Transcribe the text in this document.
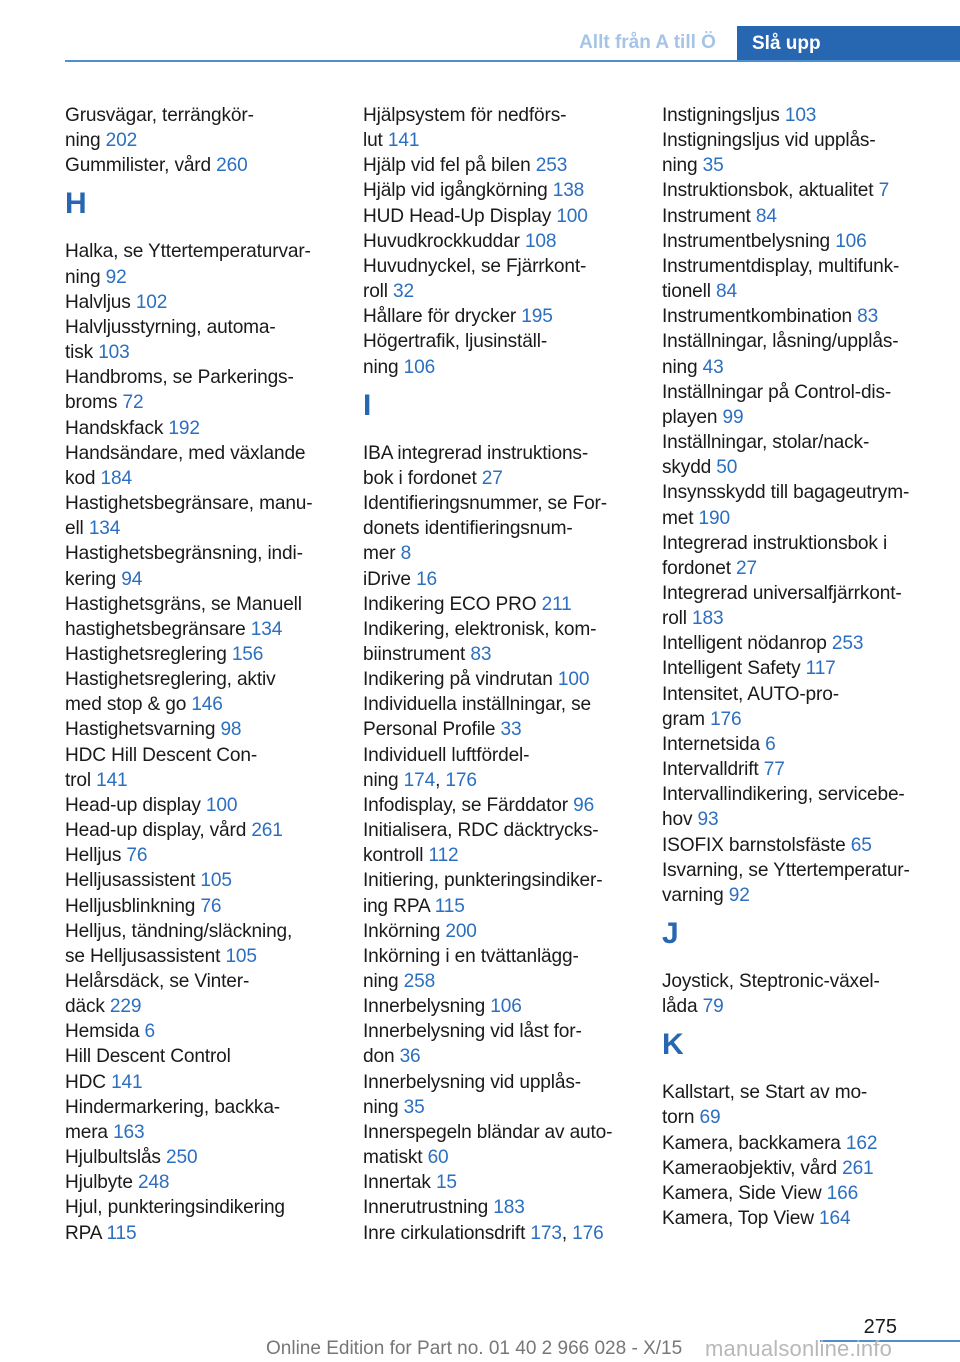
Allt från A till Ö	Slå upp
Grusvägar, terrängkör-
ning 202
Gummilister, vård 260
H
Halka, se Yttertemperaturvar-
ning 92
Halvljus 102
Halvljusstyrning, automa-
tisk 103
Handbroms, se Parkerings-
broms 72
Handskfack 192
Handsändare, med växlande
kod 184
Hastighetsbegränsare, manu-
ell 134
Hastighetsbegränsning, indi-
kering 94
Hastighetsgräns, se Manuell
hastighetsbegränsare 134
Hastighetsreglering 156
Hastighetsreglering, aktiv
med stop & go 146
Hastighetsvarning 98
HDC Hill Descent Con-
trol 141
Head-up display 100
Head-up display, vård 261
Helljus 76
Helljusassistent 105
Helljusblinkning 76
Helljus, tändning/släckning,
se Helljusassistent 105
Helårsdäck, se Vinter-
däck 229
Hemsida 6
Hill Descent Control
HDC 141
Hindermarkering, backka-
mera 163
Hjulbultslås 250
Hjulbyte 248
Hjul, punkteringsindikering
RPA 115
Hjälpsystem för nedförs-
lut 141
Hjälp vid fel på bilen 253
Hjälp vid igångkörning 138
HUD Head-Up Display 100
Huvudkrockkuddar 108
Huvudnyckel, se Fjärrkont-
roll 32
Hållare för drycker 195
Högertrafik, ljusinställ-
ning 106
I
IBA integrerad instruktions-
bok i fordonet 27
Identifieringsnummer, se For-
donets identifieringsnum-
mer 8
iDrive 16
Indikering ECO PRO 211
Indikering, elektronisk, kom-
biinstrument 83
Indikering på vindrutan 100
Individuella inställningar, se
Personal Profile 33
Individuell luftfördel-
ning 174, 176
Infodisplay, se Färddator 96
Initialisera, RDC däcktrycks-
kontroll 112
Initiering, punkteringsindiker-
ing RPA 115
Inkörning 200
Inkörning i en tvättanlägg-
ning 258
Innerbelysning 106
Innerbelysning vid låst for-
don 36
Innerbelysning vid upplås-
ning 35
Innerspegeln bländar av auto-
matiskt 60
Innertak 15
Innerutrustning 183
Inre cirkulationsdrift 173, 176
Instigningsljus 103
Instigningsljus vid upplås-
ning 35
Instruktionsbok, aktualitet 7
Instrument 84
Instrumentbelysning 106
Instrumentdisplay, multifunk-
tionell 84
Instrumentkombination 83
Inställningar, låsning/upplås-
ning 43
Inställningar på Control-dis-
playen 99
Inställningar, stolar/nack-
skydd 50
Insynsskydd till bagageutrym-
met 190
Integrerad instruktionsbok i
fordonet 27
Integrerad universalfjärrkont-
roll 183
Intelligent nödanrop 253
Intelligent Safety 117
Intensitet, AUTO-pro-
gram 176
Internetsida 6
Intervalldrift 77
Intervallindikering, servicebe-
hov 93
ISOFIX barnstolsfäste 65
Isvarning, se Yttertemperatur-
varning 92
J
Joystick, Steptronic-växel-
låda 79
K
Kallstart, se Start av mo-
torn 69
Kamera, backkamera 162
Kameraobjektiv, vård 261
Kamera, Side View 166
Kamera, Top View 164
275
Online Edition for Part no. 01 40 2 966 028 - X/15 manualsonline.info
